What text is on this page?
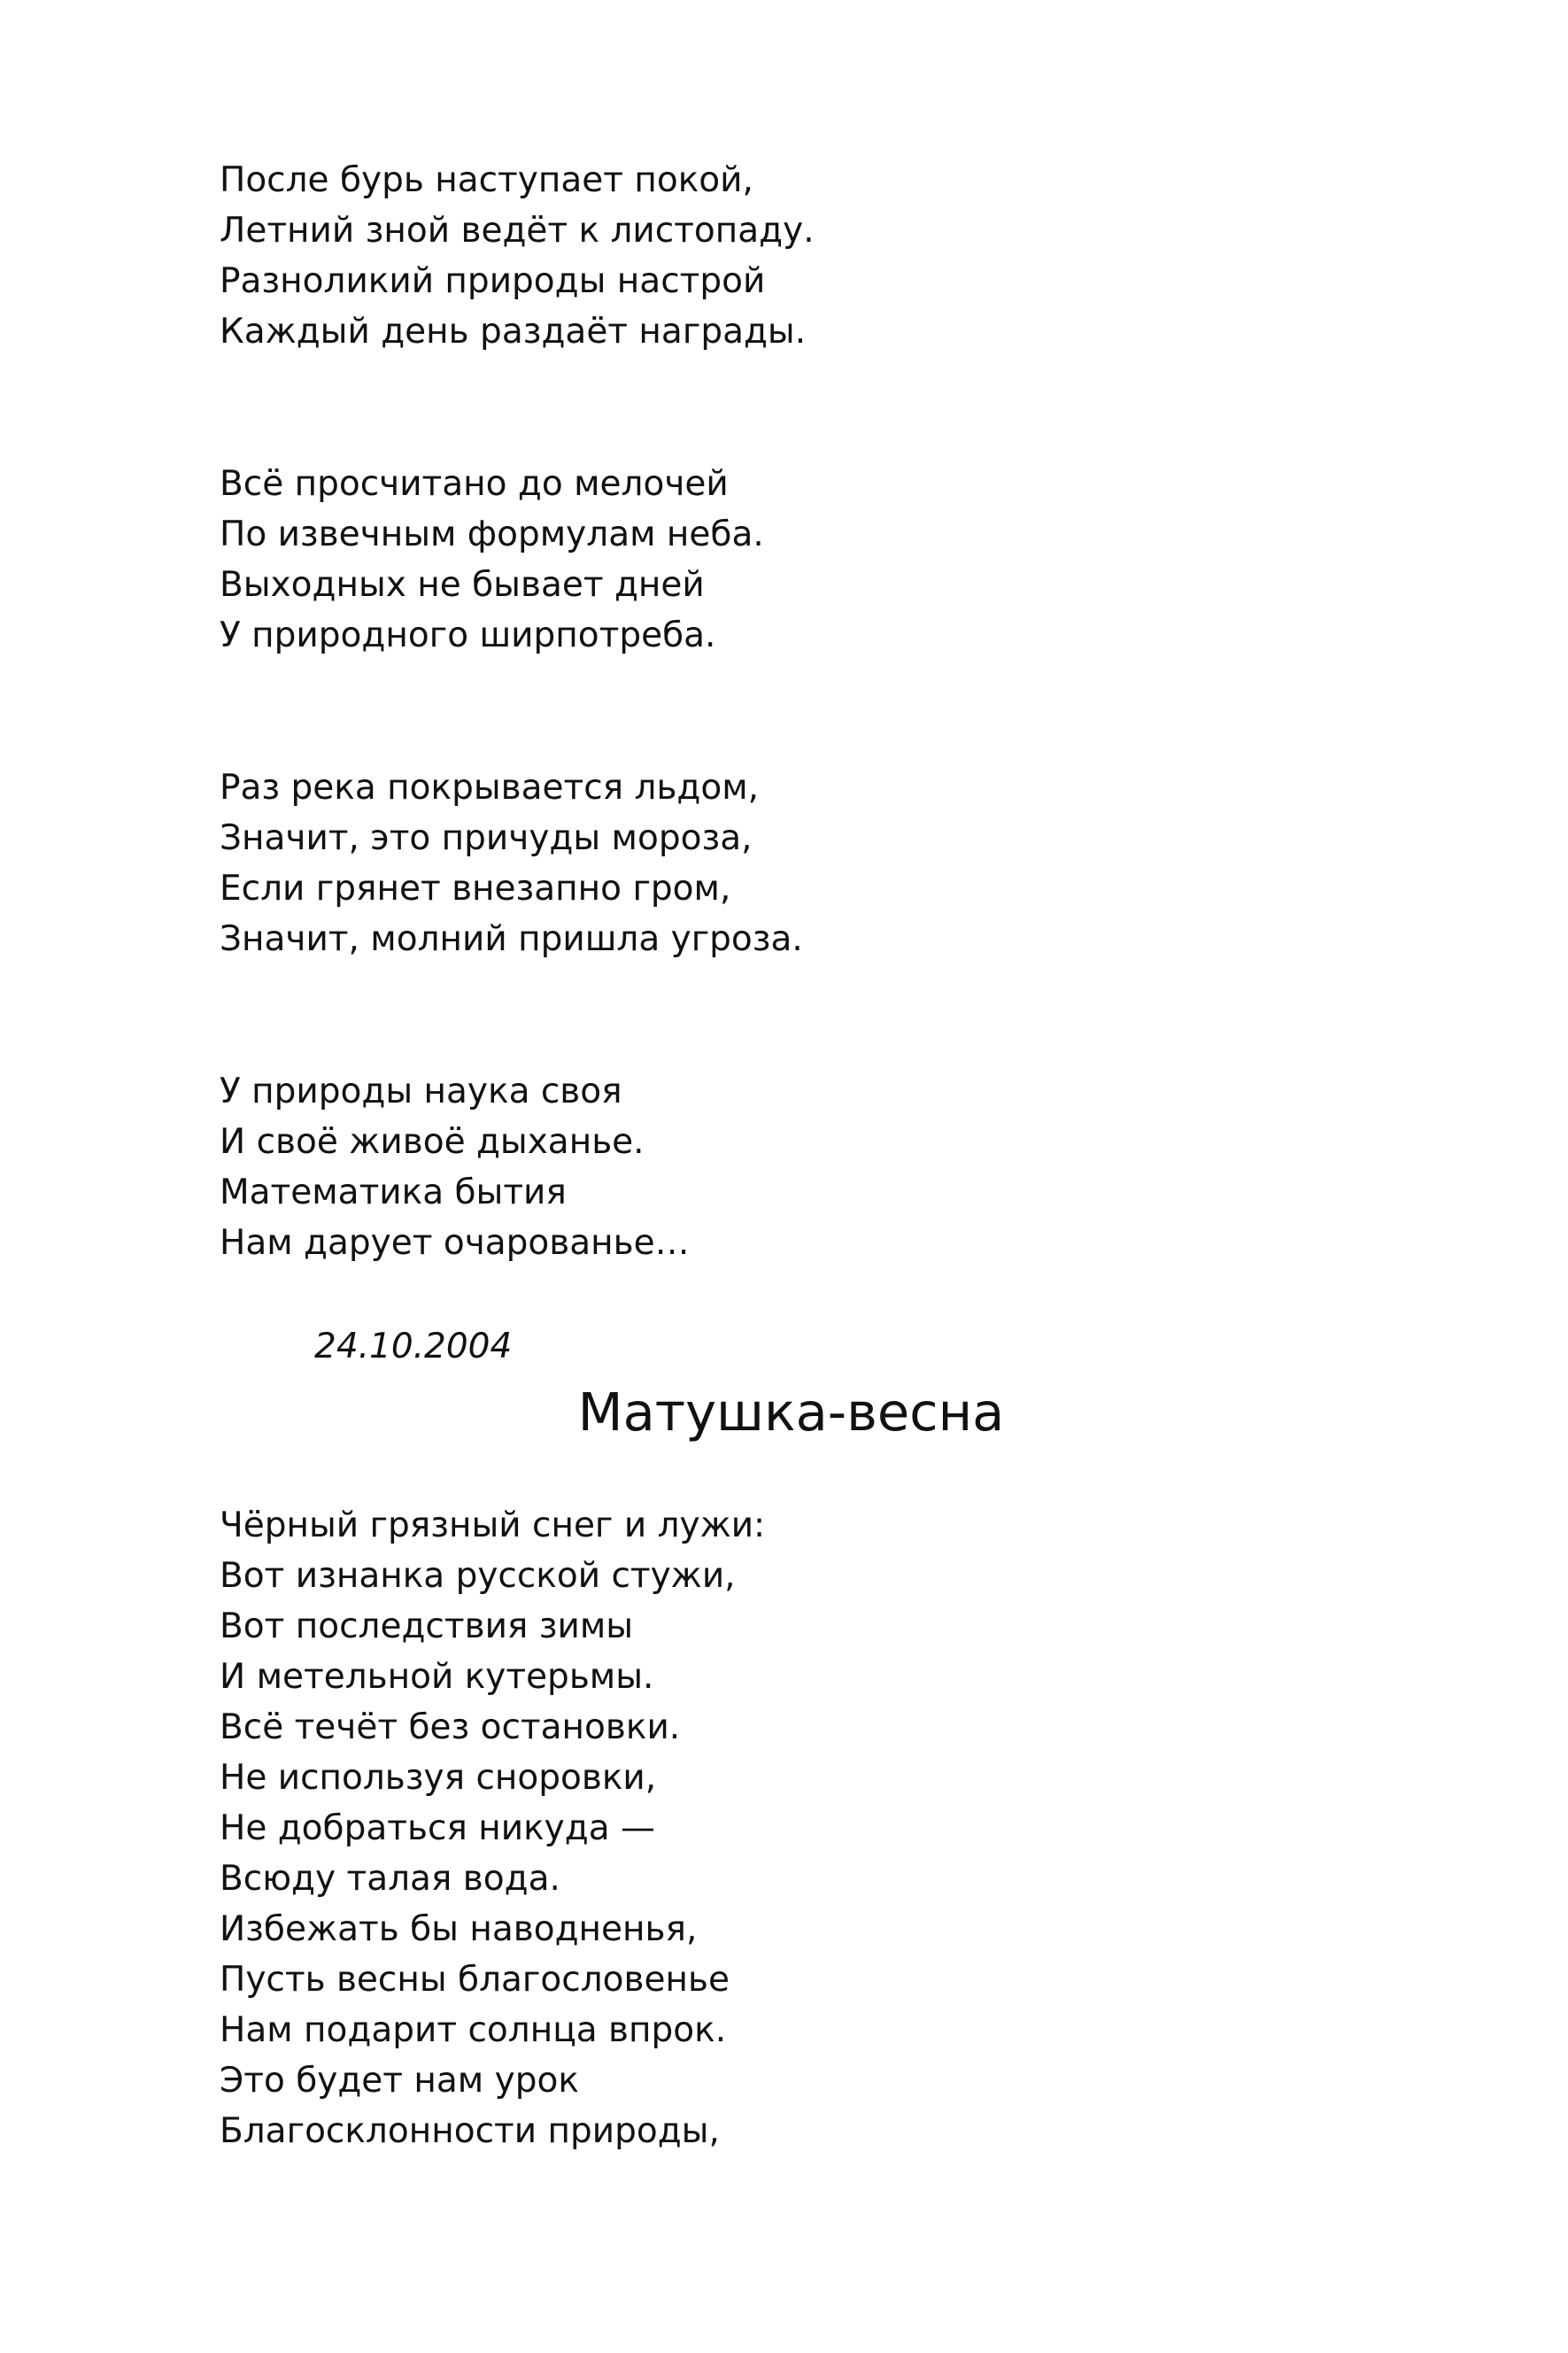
После бурь наступает покой,
Летний зной ведёт к листопаду.
Разноликий природы настрой
Каждый день раздаёт награды.
Всё просчитано до мелочей
По извечным формулам неба.
Выходных не бывает дней
У природного ширпотреба.
Раз река покрывается льдом,
Значит, это причуды мороза,
Если грянет внезапно гром,
Значит, молний пришла угроза.
У природы наука своя
И своё живоё дыханье.
Математика бытия
Нам дарует очарованье…
24.10.2004
Матушка-весна
Чёрный грязный снег и лужи:
Вот изнанка русской стужи,
Вот последствия зимы
И метельной кутерьмы.
Всё течёт без остановки.
Не используя сноровки,
Не добраться никуда —
Всюду талая вода.
Избежать бы наводненья,
Пусть весны благословенье
Нам подарит солнца впрок.
Это будет нам урок
Благосклонности природы,
